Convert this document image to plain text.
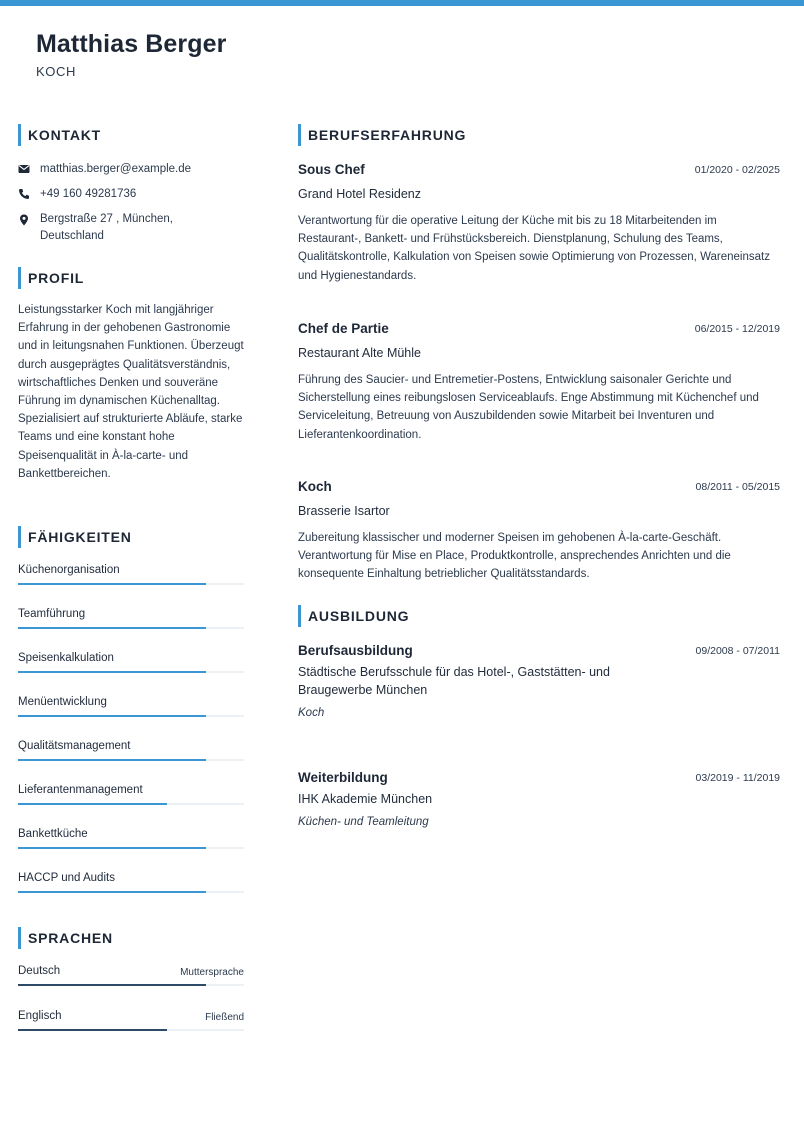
Matthias Berger
KOCH
KONTAKT
matthias.berger@example.de
+49 160 49281736
Bergstraße 27 , München,
Deutschland
PROFIL
Leistungsstarker Koch mit langjähriger Erfahrung in der gehobenen Gastronomie und in leitungsnahen Funktionen. Überzeugt durch ausgeprägtes Qualitätsverständnis, wirtschaftliches Denken und souveräne Führung im dynamischen Küchenalltag. Spezialisiert auf strukturierte Abläufe, starke Teams und eine konstant hohe Speisenqualität in À-la-carte- und Bankettbereichen.
FÄHIGKEITEN
Küchenorganisation
Teamführung
Speisenkalkulation
Menüentwicklung
Qualitätsmanagement
Lieferantenmanagement
Bankettküche
HACCP und Audits
SPRACHEN
Deutsch	Muttersprache
Englisch	Fließend
BERUFSERFAHRUNG
Sous Chef	01/2020 - 02/2025
Grand Hotel Residenz
Verantwortung für die operative Leitung der Küche mit bis zu 18 Mitarbeitenden im Restaurant-, Bankett- und Frühstücksbereich. Dienstplanung, Schulung des Teams, Qualitätskontrolle, Kalkulation von Speisen sowie Optimierung von Prozessen, Wareneinsatz und Hygienestandards.
Chef de Partie	06/2015 - 12/2019
Restaurant Alte Mühle
Führung des Saucier- und Entremetier-Postens, Entwicklung saisonaler Gerichte und Sicherstellung eines reibungslosen Serviceablaufs. Enge Abstimmung mit Küchenchef und Serviceleitung, Betreuung von Auszubildenden sowie Mitarbeit bei Inventuren und Lieferantenkoordination.
Koch	08/2011 - 05/2015
Brasserie Isartor
Zubereitung klassischer und moderner Speisen im gehobenen À-la-carte-Geschäft. Verantwortung für Mise en Place, Produktkontrolle, ansprechendes Anrichten und die konsequente Einhaltung betrieblicher Qualitätsstandards.
AUSBILDUNG
Berufsausbildung	09/2008 - 07/2011
Städtische Berufsschule für das Hotel-, Gaststätten- und Braugewerbe München
Koch
Weiterbildung	03/2019 - 11/2019
IHK Akademie München
Küchen- und Teamleitung
